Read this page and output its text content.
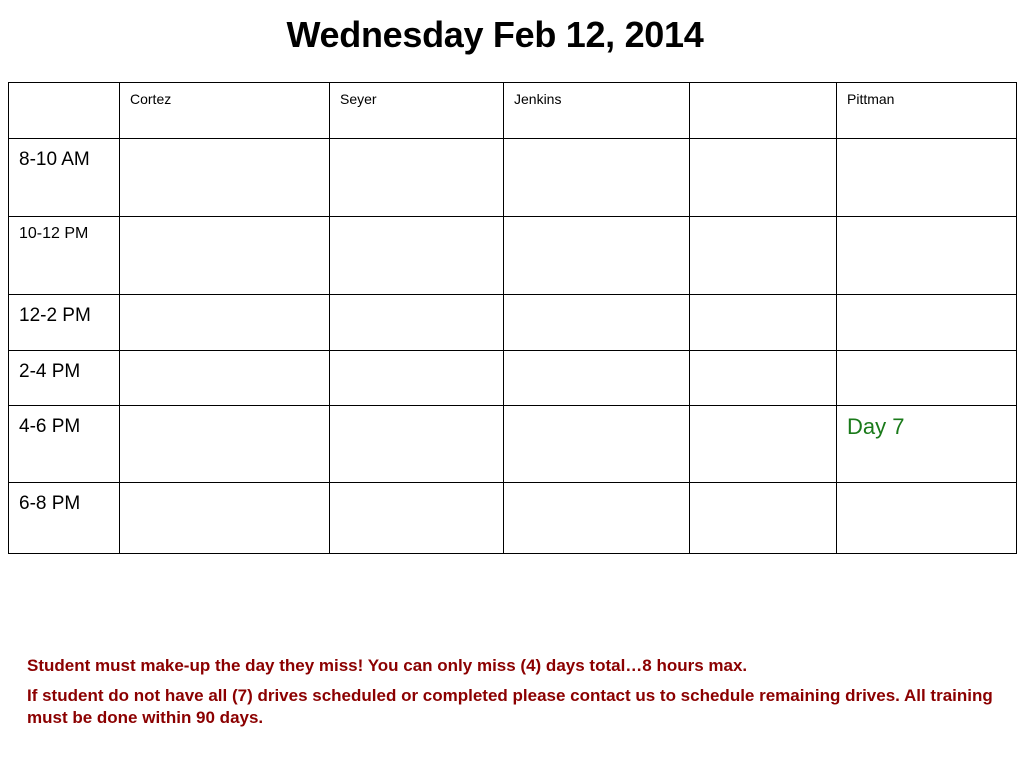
Wednesday Feb 12, 2014
	Cortez	Seyer	Jenkins		Pittman
8-10 AM					
10-12 PM					
12-2 PM					
2-4 PM					
4-6 PM					Day 7
6-8 PM					

Student must make-up the day they miss! You can only miss (4) days total…8 hours max.

If student do not have all (7) drives scheduled or completed please contact us to schedule remaining drives. All training must be done within 90 days.
